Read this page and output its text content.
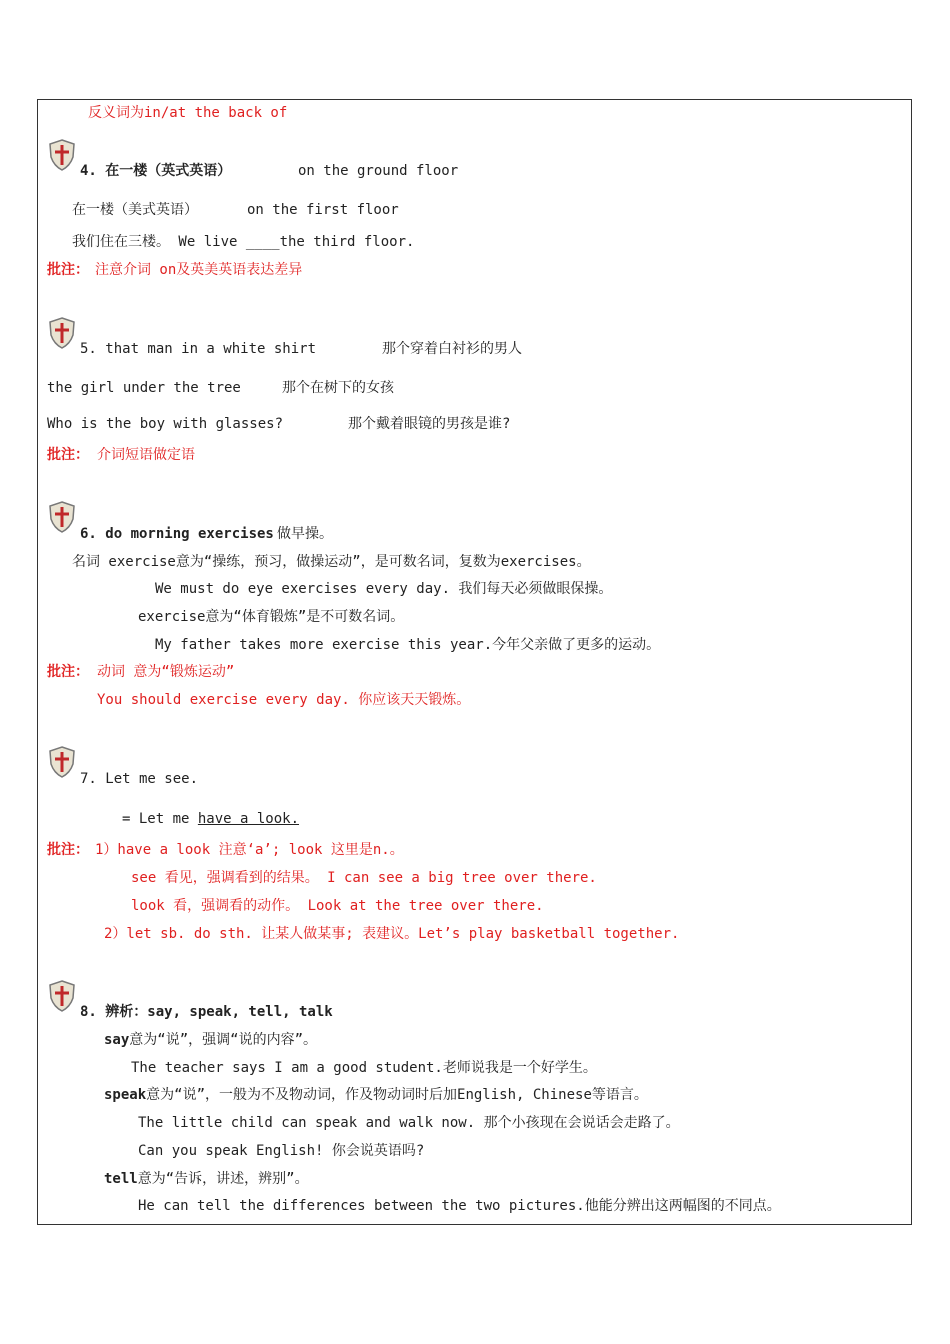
反义词为in/at the back of
4. 在一楼（英式英语）	on the ground floor
在一楼（美式英语）	on the first floor
我们住在三楼。 We live ____the third floor.
批注： 注意介词 on及英美英语表达差异
5. that man in a white shirt	那个穿着白衬衫的男人
the girl under the tree	那个在树下的女孩
Who is the boy with glasses?	那个戴着眼镜的男孩是谁?
批注： 介词短语做定语
6. do morning exercises 做早操。
名词 exercise意为“操练，预习，做操运动”，是可数名词，复数为exercises。
We must do eye exercises every day. 我们每天必须做眼保操。
exercise意为“体育锻炼”是不可数名词。
My father takes more exercise this year.今年父亲做了更多的运动。
批注： 动词 意为“锻炼运动”
You should exercise every day. 你应该天天锻炼。
7. Let me see.
= Let me have a look.
批注： 1）have a look 注意‘a’; look 这里是n.。
see 看见，强调看到的结果。 I can see a big tree over there.
look 看，强调看的动作。 Look at the tree over there.
2）let sb. do sth. 让某人做某事; 表建议。Let’s play basketball together.
8. 辨析：say, speak, tell, talk
say意为“说”，强调“说的内容”。
The teacher says I am a good student.老师说我是一个好学生。
speak意为“说”，一般为不及物动词，作及物动词时后加English, Chinese等语言。
The little child can speak and walk now. 那个小孩现在会说话会走路了。
Can you speak English! 你会说英语吗?
tell意为“告诉，讲述，辨别”。
He can tell the differences between the two pictures.他能分辨出这两幅图的不同点。
